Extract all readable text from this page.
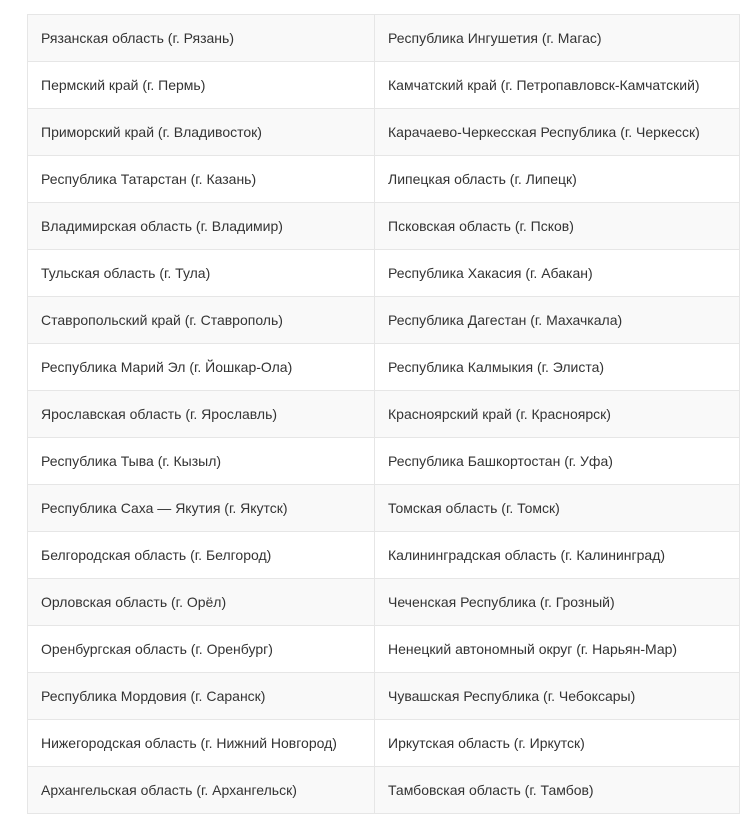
Рязанская область (г. Рязань)	Республика Ингушетия (г. Магас)
Пермский край (г. Пермь)	Камчатский край (г. Петропавловск-Камчатский)
Приморский край (г. Владивосток)	Карачаево-Черкесская Республика (г. Черкесск)
Республика Татарстан (г. Казань)	Липецкая область (г. Липецк)
Владимирская область (г. Владимир)	Псковская область (г. Псков)
Тульская область (г. Тула)	Республика Хакасия (г. Абакан)
Ставропольский край (г. Ставрополь)	Республика Дагестан (г. Махачкала)
Республика Марий Эл (г. Йошкар-Ола)	Республика Калмыкия (г. Элиста)
Ярославская область (г. Ярославль)	Красноярский край (г. Красноярск)
Республика Тыва (г. Кызыл)	Республика Башкортостан (г. Уфа)
Республика Саха — Якутия (г. Якутск)	Томская область (г. Томск)
Белгородская область (г. Белгород)	Калининградская область (г. Калининград)
Орловская область (г. Орёл)	Чеченская Республика (г. Грозный)
Оренбургская область (г. Оренбург)	Ненецкий автономный округ (г. Нарьян-Мар)
Республика Мордовия (г. Саранск)	Чувашская Республика (г. Чебоксары)
Нижегородская область (г. Нижний Новгород)	Иркутская область (г. Иркутск)
Архангельская область (г. Архангельск)	Тамбовская область (г. Тамбов)
